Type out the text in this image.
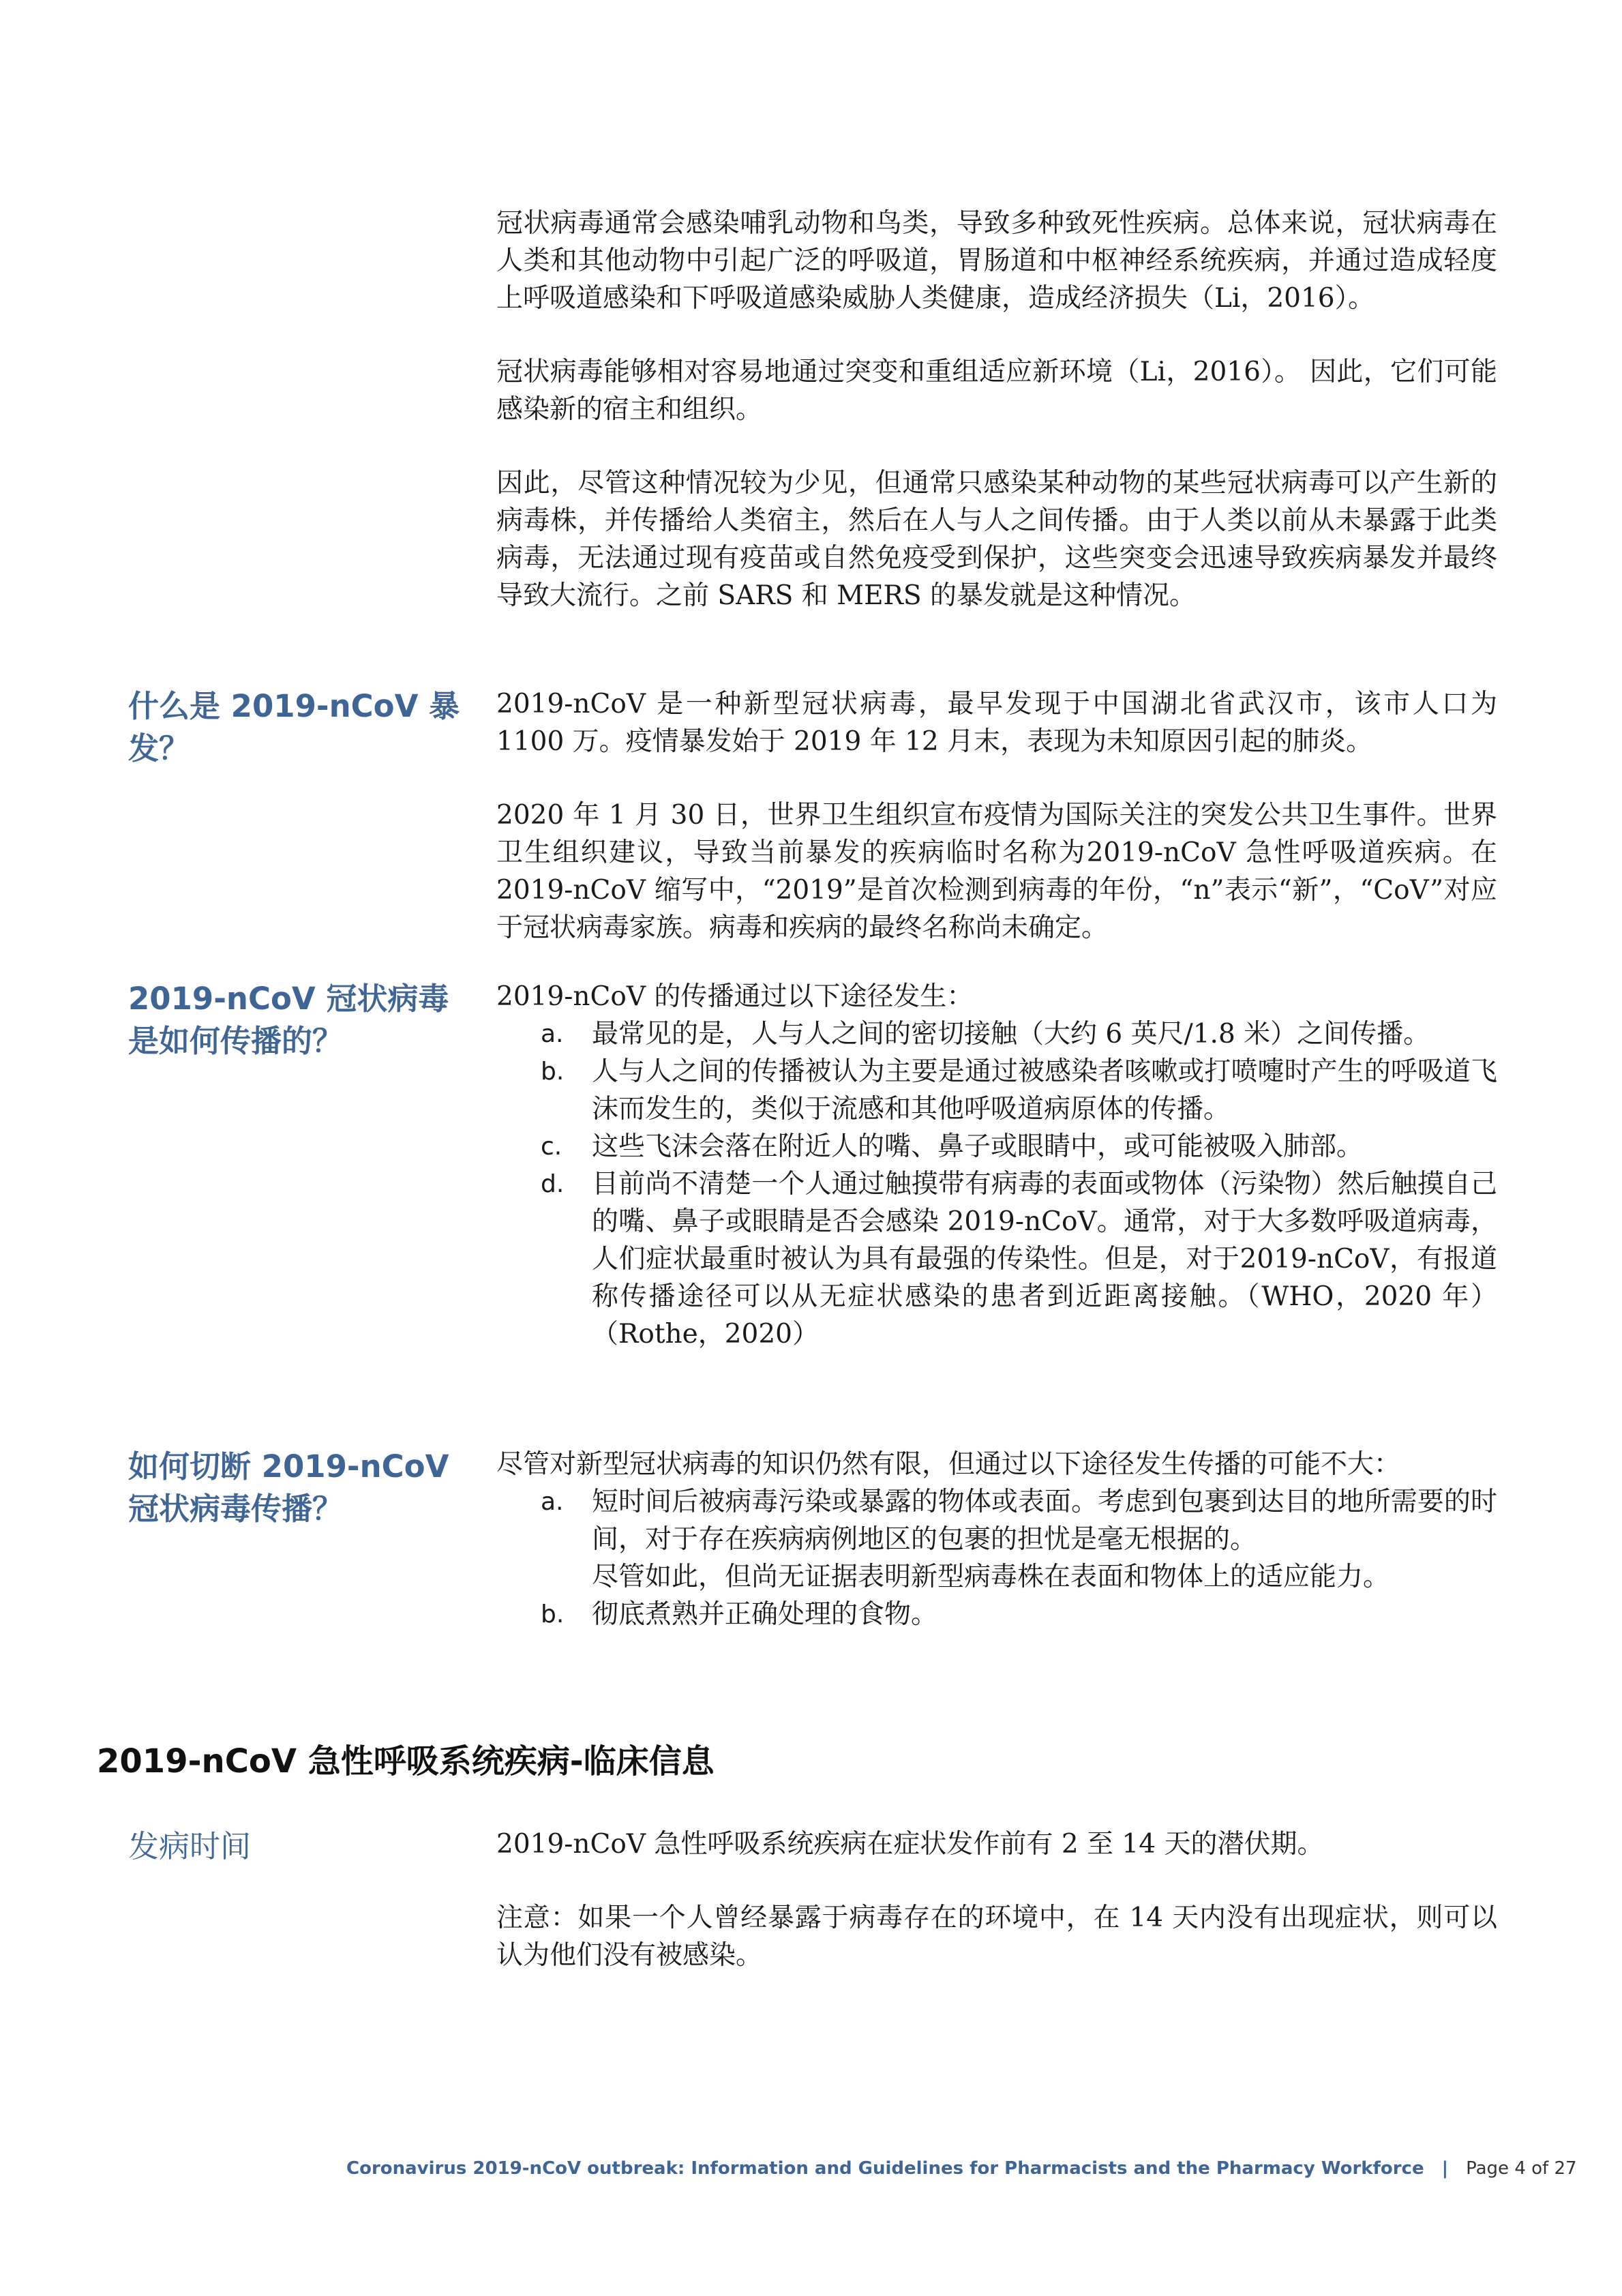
冠状病毒通常会感染哺乳动物和鸟类，导致多种致死性疾病。总体来说，冠状病毒在人类和其他动物中引起广泛的呼吸道，胃肠道和中枢神经系统疾病，并通过造成轻度上呼吸道感染和下呼吸道感染威胁人类健康，造成经济损失（Li，2016）。

冠状病毒能够相对容易地通过突变和重组适应新环境（Li，2016）。 因此，它们可能感染新的宿主和组织。

因此，尽管这种情况较为少见，但通常只感染某种动物的某些冠状病毒可以产生新的病毒株，并传播给人类宿主，然后在人与人之间传播。由于人类以前从未暴露于此类病毒，无法通过现有疫苗或自然免疫受到保护，这些突变会迅速导致疾病暴发并最终导致大流行。之前 SARS 和 MERS 的暴发就是这种情况。

什么是 2019-nCoV 暴发？

2019-nCoV 是一种新型冠状病毒，最早发现于中国湖北省武汉市，该市人口为 1100 万。疫情暴发始于 2019 年 12 月末，表现为未知原因引起的肺炎。

2020 年 1 月 30 日，世界卫生组织宣布疫情为国际关注的突发公共卫生事件。世界卫生组织建议，导致当前暴发的疾病临时名称为2019-nCoV 急性呼吸道疾病。在 2019-nCoV 缩写中，“2019”是首次检测到病毒的年份，“n”表示“新”，“CoV”对应于冠状病毒家族。病毒和疾病的最终名称尚未确定。

2019-nCoV 冠状病毒是如何传播的？

2019-nCoV 的传播通过以下途径发生：

a. 最常见的是，人与人之间的密切接触（大约 6 英尺/1.8 米）之间传播。

b. 人与人之间的传播被认为主要是通过被感染者咳嗽或打喷嚏时产生的呼吸道飞沫而发生的，类似于流感和其他呼吸道病原体的传播。

c. 这些飞沫会落在附近人的嘴、鼻子或眼睛中，或可能被吸入肺部。

d. 目前尚不清楚一个人通过触摸带有病毒的表面或物体（污染物）然后触摸自己的嘴、鼻子或眼睛是否会感染 2019-nCoV。通常，对于大多数呼吸道病毒，人们症状最重时被认为具有最强的传染性。但是，对于2019-nCoV，有报道称传播途径可以从无症状感染的患者到近距离接触。（WHO，2020 年）（Rothe，2020）

如何切断 2019-nCoV 冠状病毒传播？

尽管对新型冠状病毒的知识仍然有限，但通过以下途径发生传播的可能不大：

a. 短时间后被病毒污染或暴露的物体或表面。考虑到包裹到达目的地所需要的时间，对于存在疾病病例地区的包裹的担忧是毫无根据的。

尽管如此，但尚无证据表明新型病毒株在表面和物体上的适应能力。

b. 彻底煮熟并正确处理的食物。

2019-nCoV 急性呼吸系统疾病-临床信息
发病时间	2019-nCoV 急性呼吸系统疾病在症状发作前有 2 至 14 天的潜伏期。

注意：如果一个人曾经暴露于病毒存在的环境中，在 14 天内没有出现症状，则可以认为他们没有被感染。

Coronavirus 2019-nCoV outbreak: Information and Guidelines for Pharmacists and the Pharmacy Workforce | Page 4 of 27
